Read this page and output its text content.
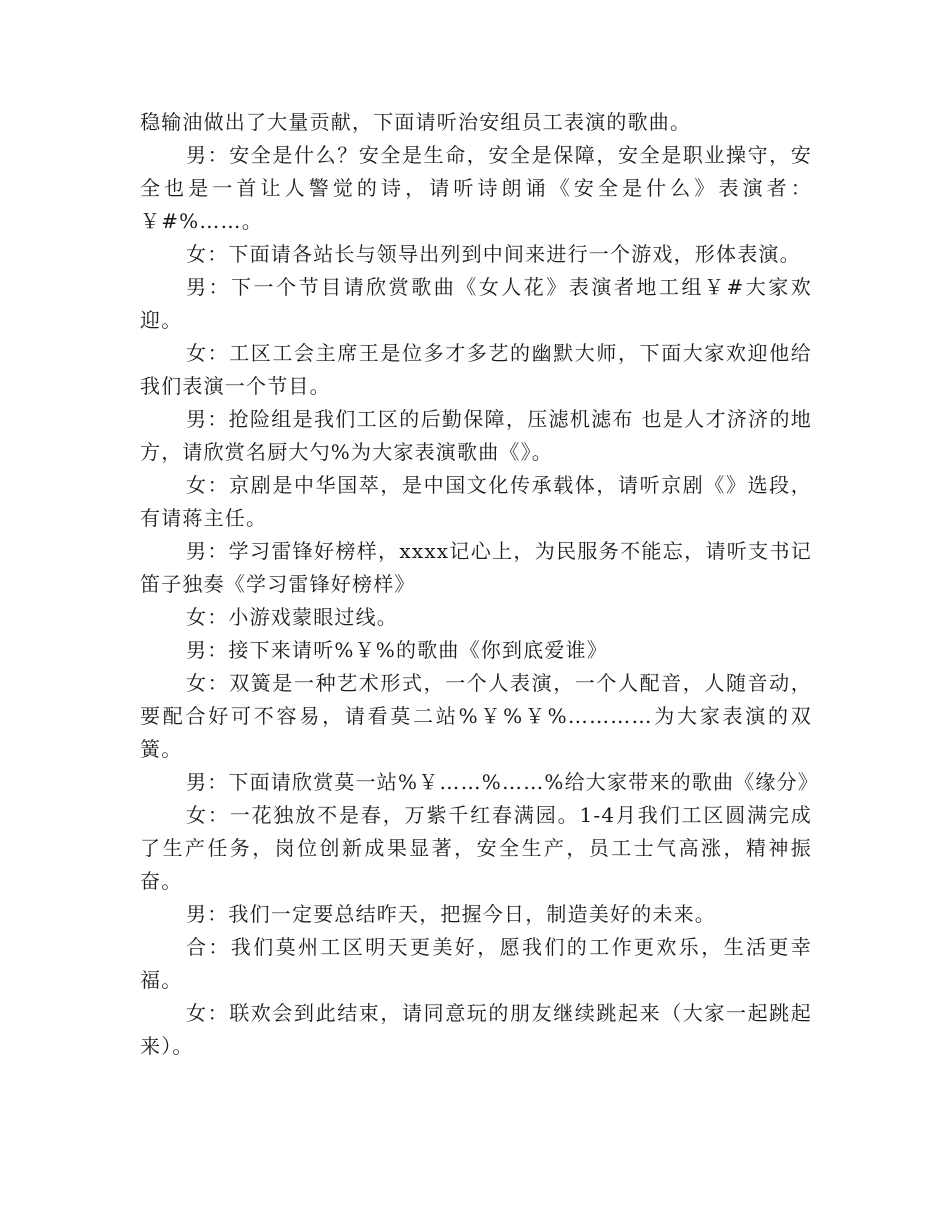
稳输油做出了大量贡献，下面请听治安组员工表演的歌曲。

男：安全是什么？安全是生命，安全是保障，安全是职业操守，安全也是一首让人警觉的诗，请听诗朗诵《安全是什么》表演者：￥#%……。

女：下面请各站长与领导出列到中间来进行一个游戏，形体表演。

男：下一个节目请欣赏歌曲《女人花》表演者地工组￥#大家欢迎。

女：工区工会主席王是位多才多艺的幽默大师，下面大家欢迎他给我们表演一个节目。

男：抢险组是我们工区的后勤保障，压滤机滤布 也是人才济济的地方，请欣赏名厨大勺%为大家表演歌曲《》。

女：京剧是中华国萃，是中国文化传承载体，请听京剧《》选段，有请蒋主任。

男：学习雷锋好榜样，xxxx记心上，为民服务不能忘，请听支书记笛子独奏《学习雷锋好榜样》

女：小游戏蒙眼过线。

男：接下来请听%￥%的歌曲《你到底爱谁》

女：双簧是一种艺术形式，一个人表演，一个人配音，人随音动，要配合好可不容易，请看莫二站%￥%￥%…………为大家表演的双簧。

男：下面请欣赏莫一站%￥……%……%给大家带来的歌曲《缘分》

女：一花独放不是春，万紫千红春满园。1-4月我们工区圆满完成了生产任务，岗位创新成果显著，安全生产，员工士气高涨，精神振奋。

男：我们一定要总结昨天，把握今日，制造美好的未来。

合：我们莫州工区明天更美好，愿我们的工作更欢乐，生活更幸福。

女：联欢会到此结束，请同意玩的朋友继续跳起来（大家一起跳起来）。
